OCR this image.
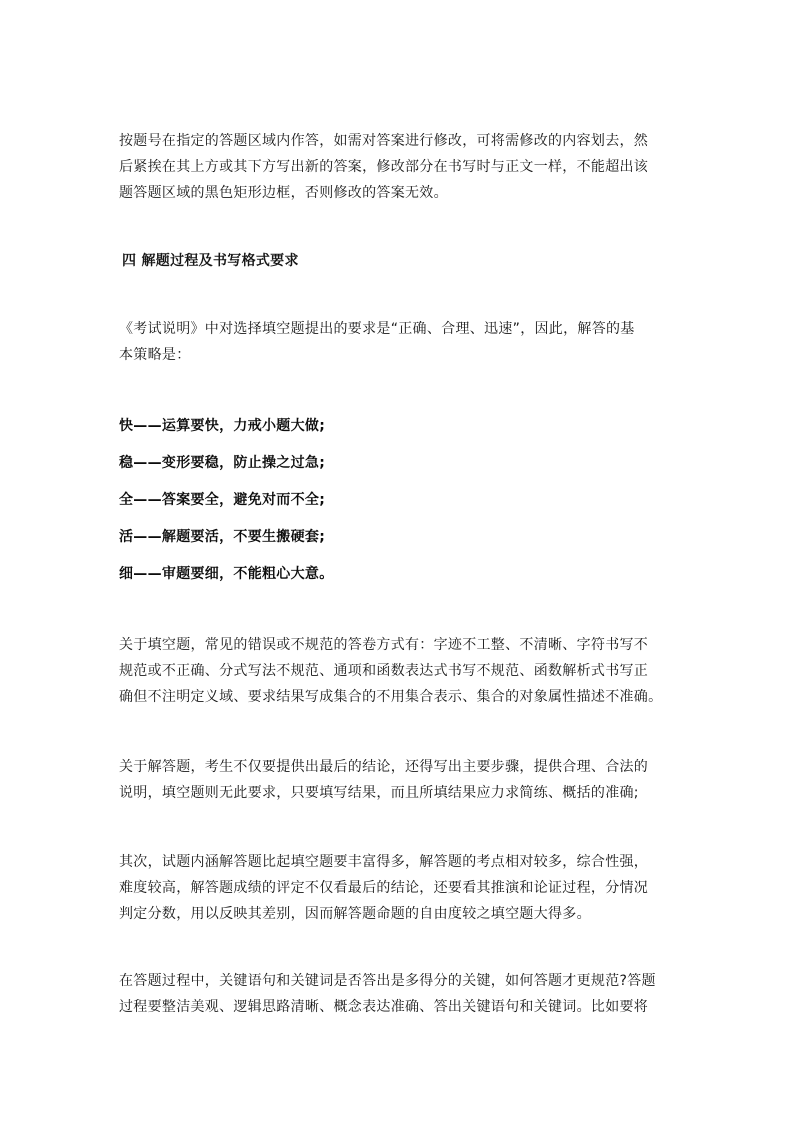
按题号在指定的答题区域内作答，如需对答案进行修改，可将需修改的内容划去，然
后紧挨在其上方或其下方写出新的答案，修改部分在书写时与正文一样，不能超出该
题答题区域的黑色矩形边框，否则修改的答案无效。
四 解题过程及书写格式要求
《考试说明》中对选择填空题提出的要求是“正确、合理、迅速”，因此，解答的基
本策略是：
快——运算要快，力戒小题大做;
稳——变形要稳，防止操之过急;
全——答案要全，避免对而不全;
活——解题要活，不要生搬硬套;
细——审题要细，不能粗心大意。
关于填空题，常见的错误或不规范的答卷方式有：字迹不工整、不清晰、字符书写不
规范或不正确、分式写法不规范、通项和函数表达式书写不规范、函数解析式书写正
确但不注明定义域、要求结果写成集合的不用集合表示、集合的对象属性描述不准确。
关于解答题，考生不仅要提供出最后的结论，还得写出主要步骤，提供合理、合法的
说明，填空题则无此要求，只要填写结果，而且所填结果应力求简练、概括的准确;
其次，试题内涵解答题比起填空题要丰富得多，解答题的考点相对较多，综合性强，
难度较高，解答题成绩的评定不仅看最后的结论，还要看其推演和论证过程，分情况
判定分数，用以反映其差别，因而解答题命题的自由度较之填空题大得多。
在答题过程中，关键语句和关键词是否答出是多得分的关键，如何答题才更规范?答题
过程要整洁美观、逻辑思路清晰、概念表达准确、答出关键语句和关键词。比如要将
